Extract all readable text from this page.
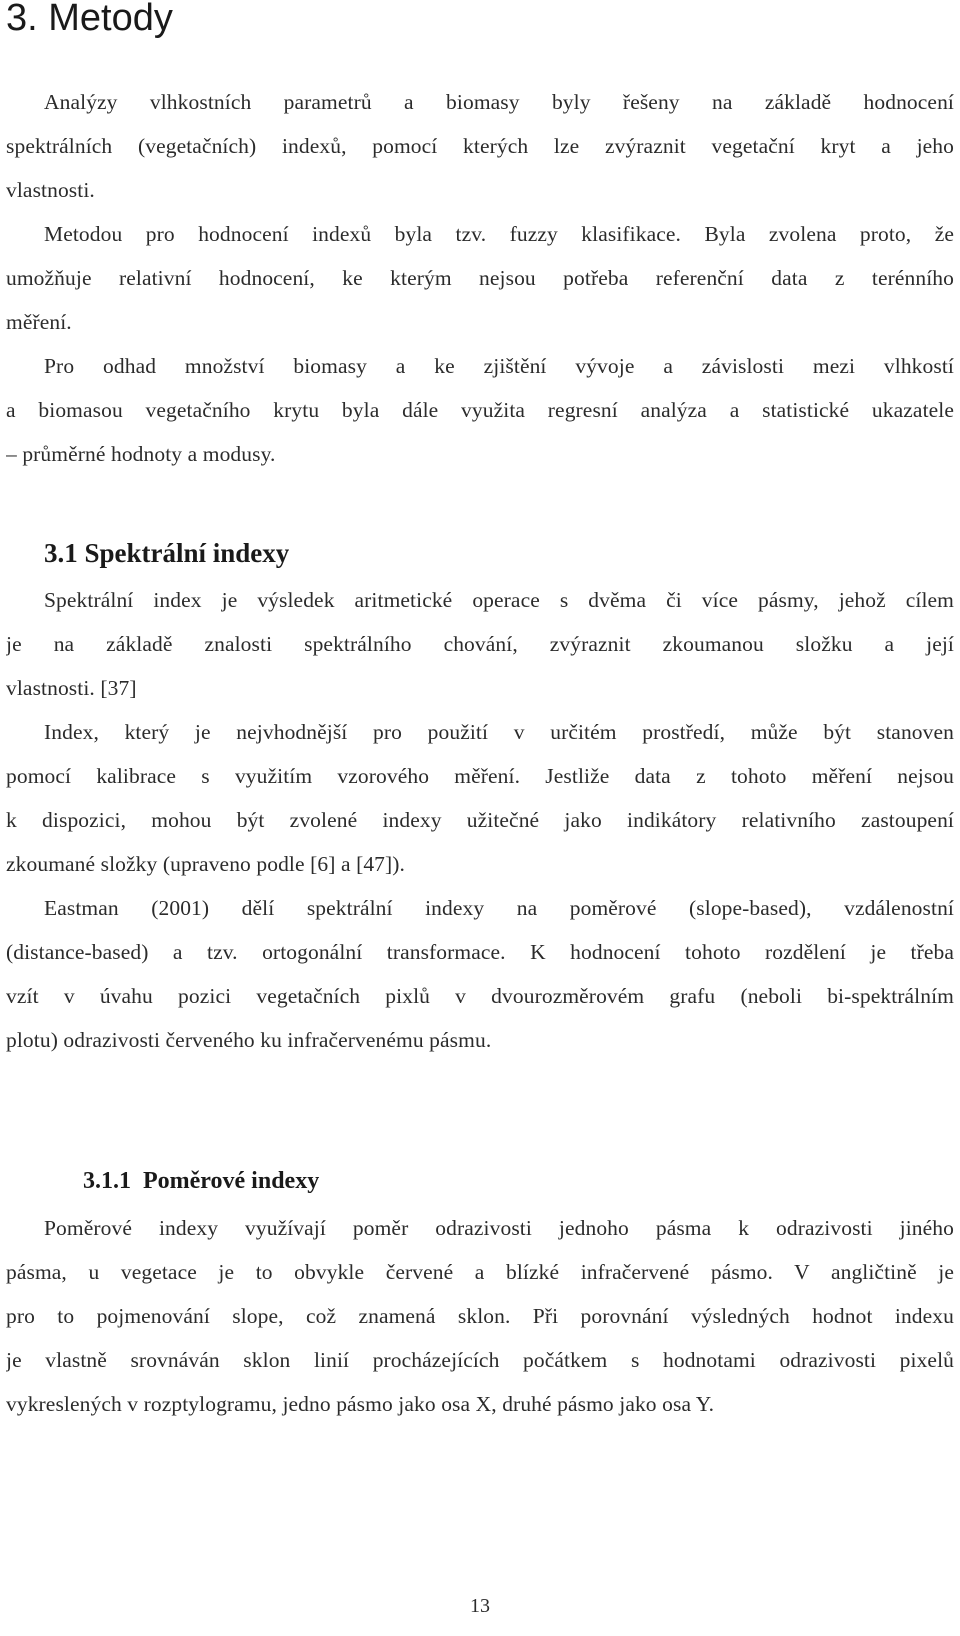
3. Metody
Analýzy vlhkostních parametrů a biomasy byly řešeny na základě hodnocení
spektrálních (vegetačních) indexů, pomocí kterých lze zvýraznit vegetační kryt a jeho
vlastnosti.
Metodou pro hodnocení indexů byla tzv. fuzzy klasifikace. Byla zvolena proto, že
umožňuje relativní hodnocení, ke kterým nejsou potřeba referenční data z terénního
měření.
Pro odhad množství biomasy a ke zjištění vývoje a závislosti mezi vlhkostí
a biomasou vegetačního krytu byla dále využita regresní analýza a statistické ukazatele
– průměrné hodnoty a modusy.
3.1 Spektrální indexy
Spektrální index je výsledek aritmetické operace s dvěma či více pásmy, jehož cílem
je na základě znalosti spektrálního chování, zvýraznit zkoumanou složku a její
vlastnosti. [37]
Index, který je nejvhodnější pro použití v určitém prostředí, může být stanoven
pomocí kalibrace s využitím vzorového měření. Jestliže data z tohoto měření nejsou
k dispozici, mohou být zvolené indexy užitečné jako indikátory relativního zastoupení
zkoumané složky (upraveno podle [6] a [47]).
Eastman (2001) dělí spektrální indexy na poměrové (slope-based), vzdálenostní
(distance-based) a tzv. ortogonální transformace. K hodnocení tohoto rozdělení je třeba
vzít v úvahu pozici vegetačních pixlů v dvourozměrovém grafu (neboli bi-spektrálním
plotu) odrazivosti červeného ku infračervenému pásmu.
3.1.1 Poměrové indexy
Poměrové indexy využívají poměr odrazivosti jednoho pásma k odrazivosti jiného
pásma, u vegetace je to obvykle červené a blízké infračervené pásmo. V angličtině je
pro to pojmenování slope, což znamená sklon. Při porovnání výsledných hodnot indexu
je vlastně srovnáván sklon linií procházejících počátkem s hodnotami odrazivosti pixelů
vykreslených v rozptylogramu, jedno pásmo jako osa X, druhé pásmo jako osa Y.
13
